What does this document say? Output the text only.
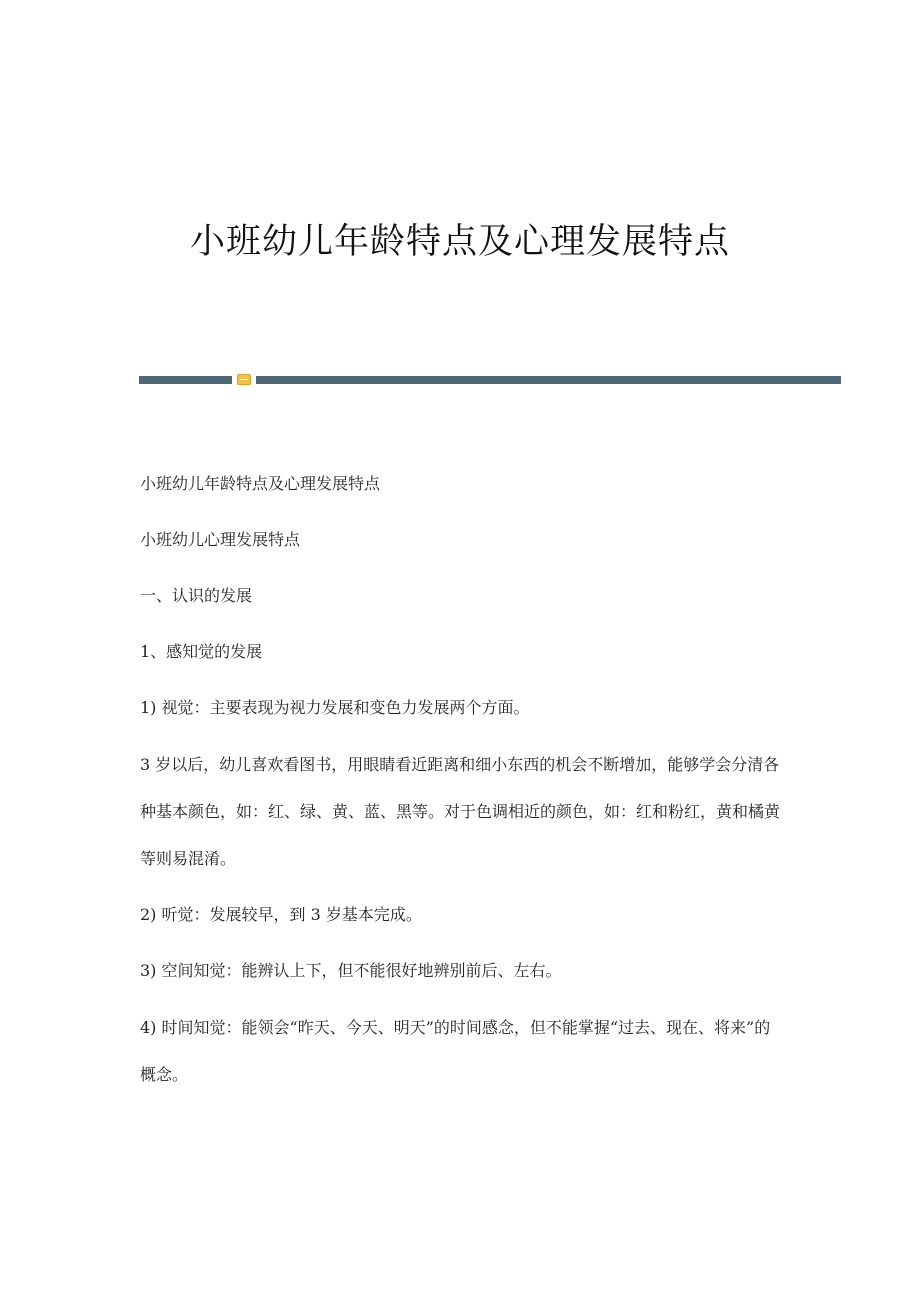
小班幼儿年龄特点及心理发展特点

小班幼儿年龄特点及心理发展特点

小班幼儿心理发展特点

一、认识的发展

1、感知觉的发展

1) 视觉：主要表现为视力发展和变色力发展两个方面。

3 岁以后，幼儿喜欢看图书，用眼睛看近距离和细小东西的机会不断增加，能够学会分清各种基本颜色，如：红、绿、黄、蓝、黑等。对于色调相近的颜色，如：红和粉红，黄和橘黄等则易混淆。

2) 听觉：发展较早，到 3 岁基本完成。

3) 空间知觉：能辨认上下，但不能很好地辨别前后、左右。

4) 时间知觉：能领会“昨天、今天、明天”的时间感念，但不能掌握“过去、现在、将来”的概念。
